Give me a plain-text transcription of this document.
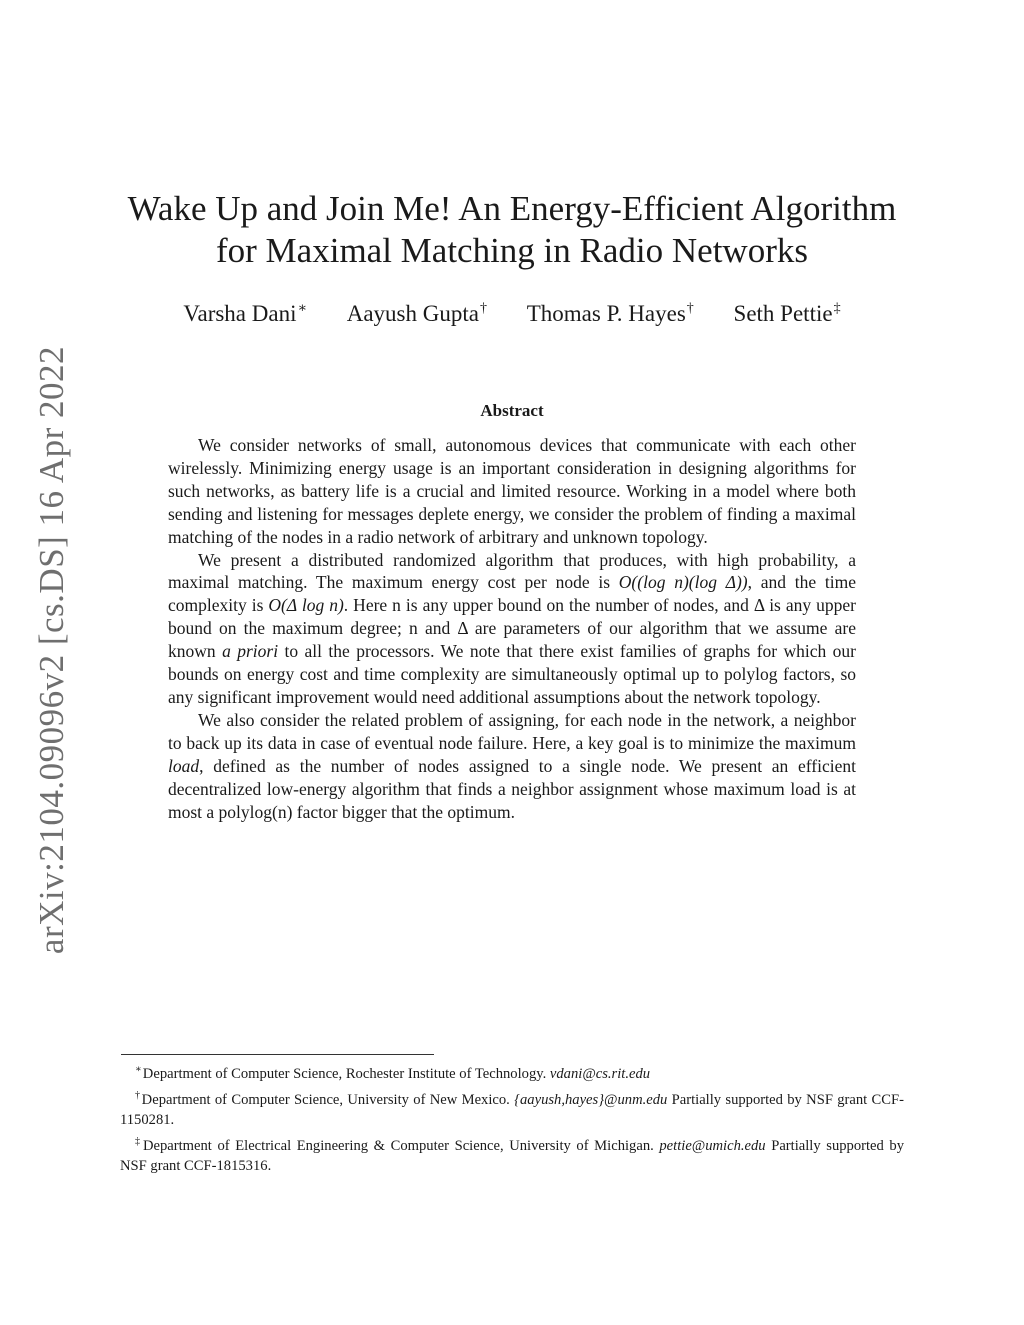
arXiv:2104.09096v2 [cs.DS] 16 Apr 2022
Wake Up and Join Me! An Energy-Efficient Algorithm
for Maximal Matching in Radio Networks
Varsha Dani∗ Aayush Gupta† Thomas P. Hayes† Seth Pettie‡
Abstract

We consider networks of small, autonomous devices that communicate with each other wirelessly. Minimizing energy usage is an important consideration in designing algorithms for such networks, as battery life is a crucial and limited resource. Working in a model where both sending and listening for messages deplete energy, we consider the problem of finding a maximal matching of the nodes in a radio network of arbitrary and unknown topology.

We present a distributed randomized algorithm that produces, with high probability, a maximal matching. The maximum energy cost per node is O((log n)(log Δ)), and the time complexity is O(Δ log n). Here n is any upper bound on the number of nodes, and Δ is any upper bound on the maximum degree; n and Δ are parameters of our algorithm that we assume are known a priori to all the processors. We note that there exist families of graphs for which our bounds on energy cost and time complexity are simultaneously optimal up to polylog factors, so any significant improvement would need additional assumptions about the network topology.

We also consider the related problem of assigning, for each node in the network, a neighbor to back up its data in case of eventual node failure. Here, a key goal is to minimize the maximum load, defined as the number of nodes assigned to a single node. We present an efficient decentralized low-energy algorithm that finds a neighbor assignment whose maximum load is at most a polylog(n) factor bigger that the optimum.

∗Department of Computer Science, Rochester Institute of Technology. vdani@cs.rit.edu

†Department of Computer Science, University of New Mexico. {aayush,hayes}@unm.edu Partially supported by NSF grant CCF-1150281.

‡Department of Electrical Engineering & Computer Science, University of Michigan. pettie@umich.edu Partially supported by NSF grant CCF-1815316.
